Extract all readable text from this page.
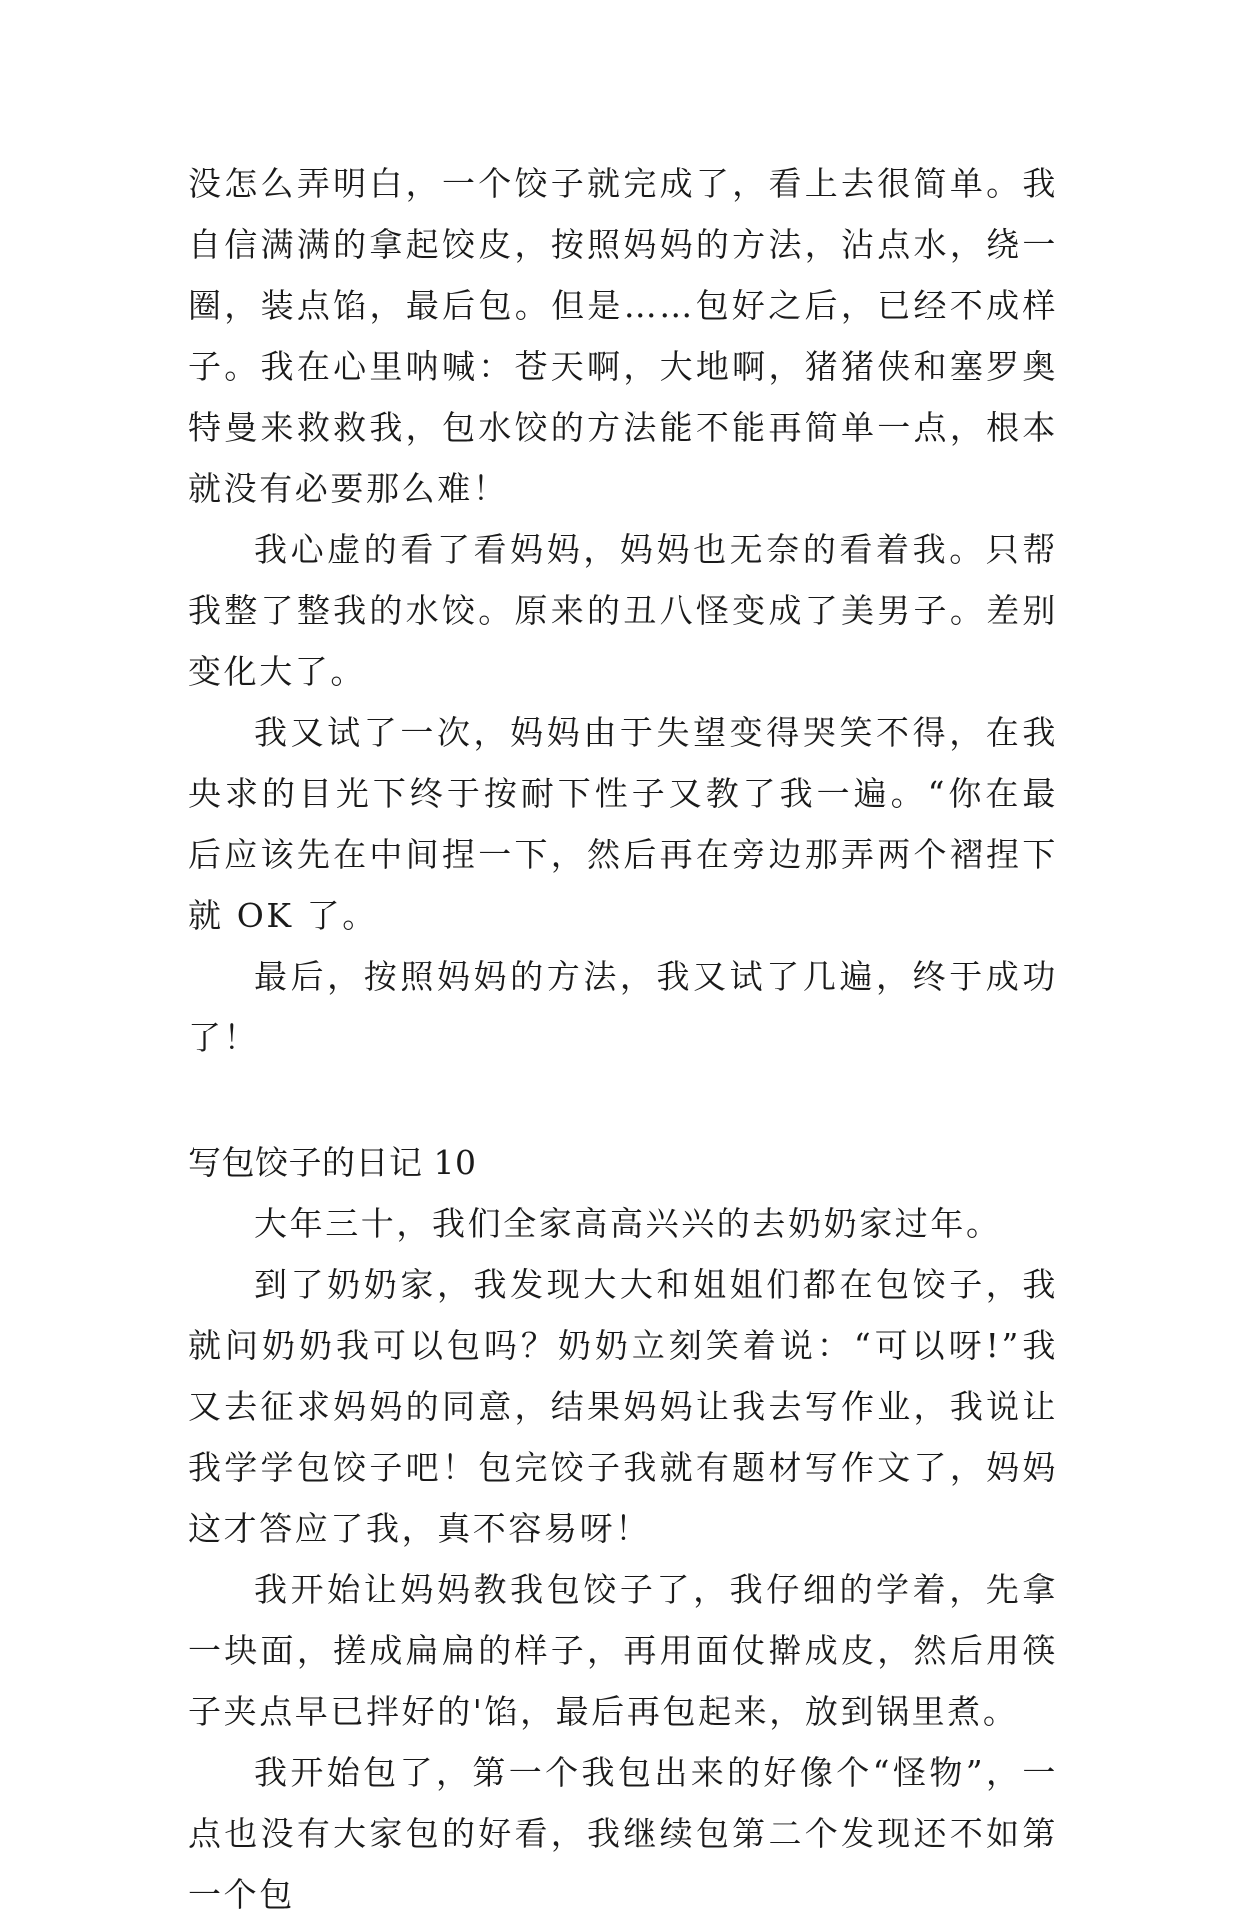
没怎么弄明白，一个饺子就完成了，看上去很简单。我自信满满的拿起饺皮，按照妈妈的方法，沾点水，绕一圈，装点馅，最后包。但是……包好之后，已经不成样子。我在心里呐喊：苍天啊，大地啊，猪猪侠和塞罗奥特曼来救救我，包水饺的方法能不能再简单一点，根本就没有必要那么难！

我心虚的看了看妈妈，妈妈也无奈的看着我。只帮我整了整我的水饺。原来的丑八怪变成了美男子。差别变化大了。

我又试了一次，妈妈由于失望变得哭笑不得，在我央求的目光下终于按耐下性子又教了我一遍。“你在最后应该先在中间捏一下，然后再在旁边那弄两个褶捏下就 OK 了。

最后，按照妈妈的方法，我又试了几遍，终于成功了！

写包饺子的日记 10

大年三十，我们全家高高兴兴的去奶奶家过年。

到了奶奶家，我发现大大和姐姐们都在包饺子，我就问奶奶我可以包吗？奶奶立刻笑着说：“可以呀!”我又去征求妈妈的同意，结果妈妈让我去写作业，我说让我学学包饺子吧！包完饺子我就有题材写作文了，妈妈这才答应了我，真不容易呀！

我开始让妈妈教我包饺子了，我仔细的学着，先拿一块面，搓成扁扁的样子，再用面仗擀成皮，然后用筷子夹点早已拌好的'馅，最后再包起来，放到锅里煮。

我开始包了，第一个我包出来的好像个“怪物”，一点也没有大家包的好看，我继续包第二个发现还不如第一个包
